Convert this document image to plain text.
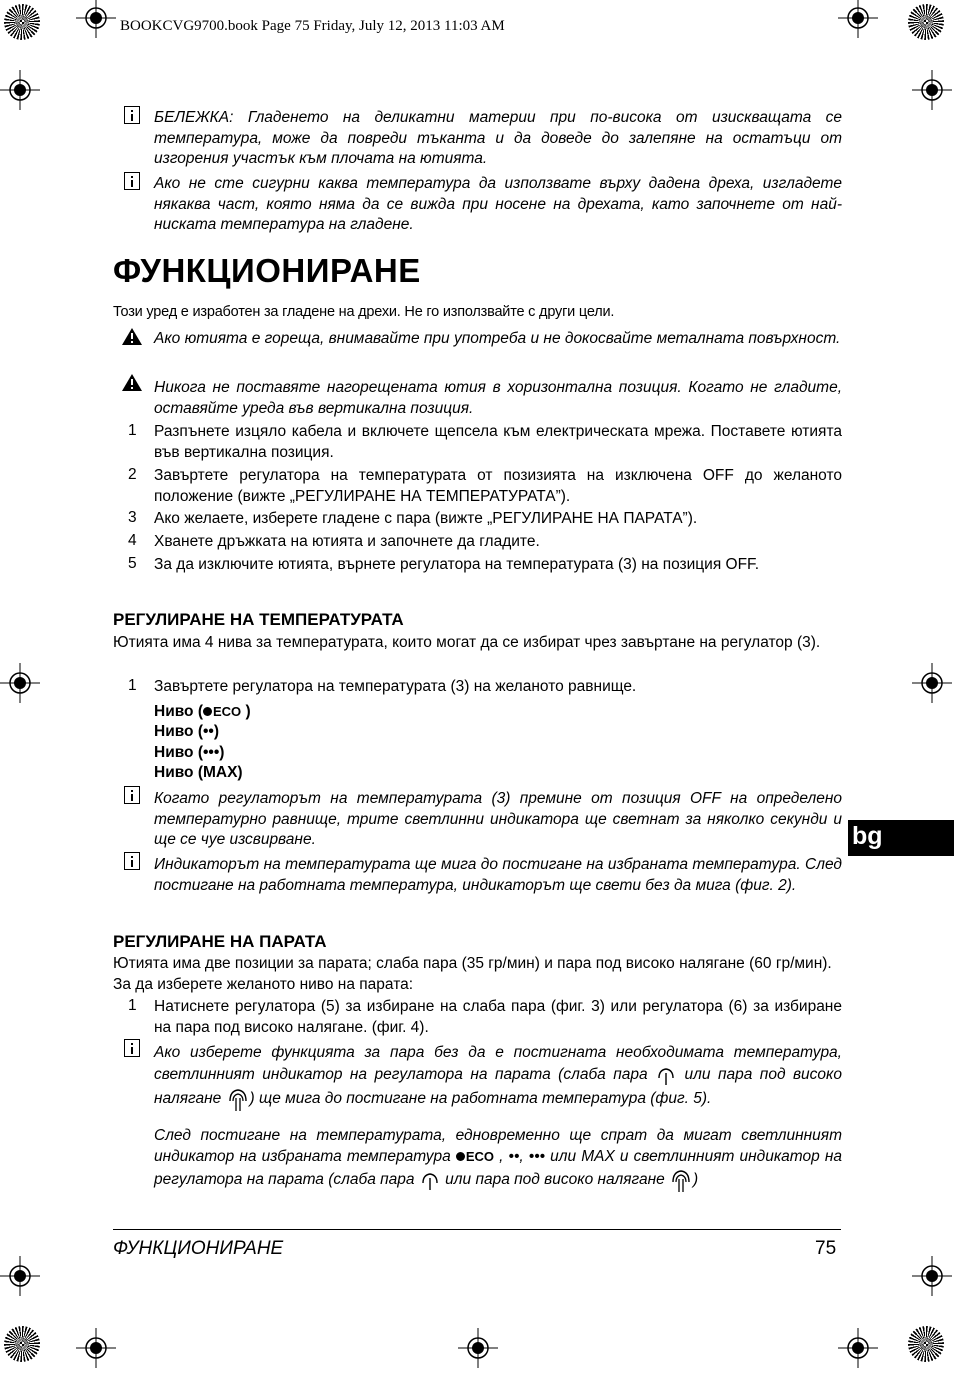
BOOKCVG9700.book Page 75 Friday, July 12, 2013 11:03 AM
БЕЛЕЖКА: Гладенето на деликатни материи при по-висока от изискващата се температура, може да повреди тъканта и да доведе до залепяне на остатъци от изгорения участък към плочата на ютията.
Ако не сте сигурни каква температура да използвате върху дадена дреха, изгладете някаква част, която няма да се вижда при носене на дрехата, като започнете от най-ниската температура на гладене.
ФУНКЦИОНИРАНЕ
Този уред е изработен за гладене на дрехи. Не го използвайте с други цели.
Ако ютията е гореща, внимавайте при употреба и не докосвайте металната повърхност.
Никога не поставяте нагорещената ютия в хоризонтална позиция. Когато не гладите, оставяйте уреда във вертикална позиция.
1 Разпънете изцяло кабела и включете щепсела към електрическата мрежа. Поставете ютията във вертикална позиция.
2 Завъртете регулатора на температурата от позизията на изключена OFF до желаното положение (вижте „РЕГУЛИРАНЕ НА ТЕМПЕРАТУРАТА”).
3 Ако желаете, изберете гладене с пара (вижте „РЕГУЛИРАНЕ НА ПАРАТА”).
4 Хванете дръжката на ютията и започнете да гладите.
5 За да изключите ютията, върнете регулатора на температурата (3) на позиция OFF.
РЕГУЛИРАНЕ НА ТЕМПЕРАТУРАТА
Ютията има 4 нива за температурата, които могат да се избират чрез завъртане на регулатор (3).
1 Завъртете регулатора на температурата (3) на желаното равнище.
Ниво ( ECO )
Ниво (••)
Ниво (•••)
Ниво (MAX)
Когато регулаторът на температурата (3) премине от позиция OFF на определено температурно равнище, трите светлинни индикатора ще светнат за няколко секунди и ще се чуе изсвирване.
Индикаторът на температурата ще мига до постигане на избраната температура. След постигане на работната температура, индикаторът ще свети без да мига (фиг. 2).
bg
РЕГУЛИРАНЕ НА ПАРАТА
Ютията има две позиции за парата; слаба пара (35 гр/мин) и пара под високо налягане (60 гр/мин). За да изберете желаното ниво на парата:
1 Натиснете регулатора (5) за избиране на слаба пара (фиг. 3) или регулатора (6) за избиране на пара под високо налягане. (фиг. 4).
Ако изберете функцията за пара без да е постигната необходимата температура, светлинният индикатор на регулатора на парата (слаба пара  или пара под високо налягане ) ще мига до постигане на работната температура (фиг. 5).
След постигане на температурата, едновременно ще спрат да мигат светлинният индикатор на избраната температура ECO , ••, ••• или MAX и светлинният индикатор на регулатора на парата (слаба пара  или пара под високо налягане )
ФУНКЦИОНИРАНЕ	75
